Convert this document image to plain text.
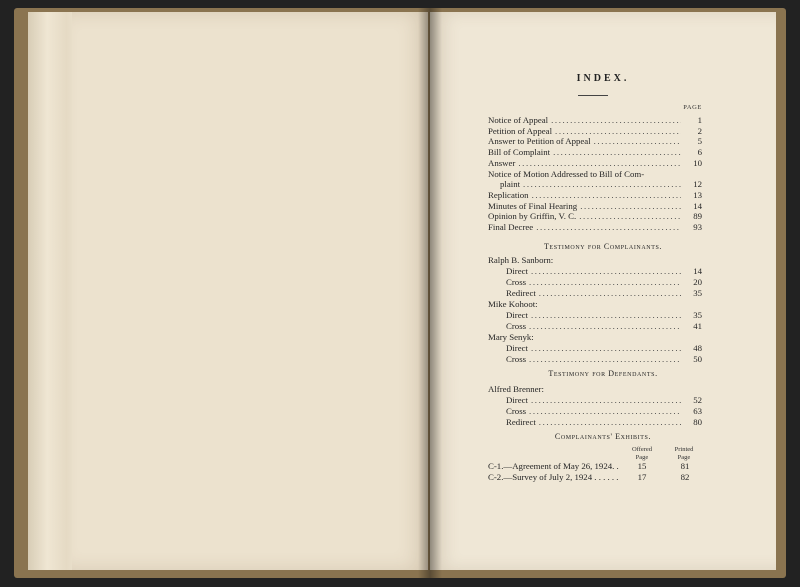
INDEX.
PAGE
Notice of Appeal .....	1
Petition of Appeal .....	2
Answer to Petition of Appeal .....	5
Bill of Complaint .....	6
Answer .....	10
Notice of Motion Addressed to Bill of Com-
plaint .....	12
Replication .....	13
Minutes of Final Hearing .....	14
Opinion by Griffin, V. C. .....	89
Final Decree .....	93
Testimony for Complainants.
Ralph B. Sanborn:
Direct .....	14
Cross .....	20
Redirect .....	35
Mike Kohoot:
Direct .....	35
Cross .....	41
Mary Senyk:
Direct .....	48
Cross .....	50
Testimony for Defendants.
Alfred Brenner:
Direct .....	52
Cross .....	63
Redirect .....	80
Complainants' Exhibits.
Offered
Page
Printed
Page
C-1.—Agreement of May 26, 1924. .	15	81
C-2.—Survey of July 2, 1924 . . . . . .	17	82
